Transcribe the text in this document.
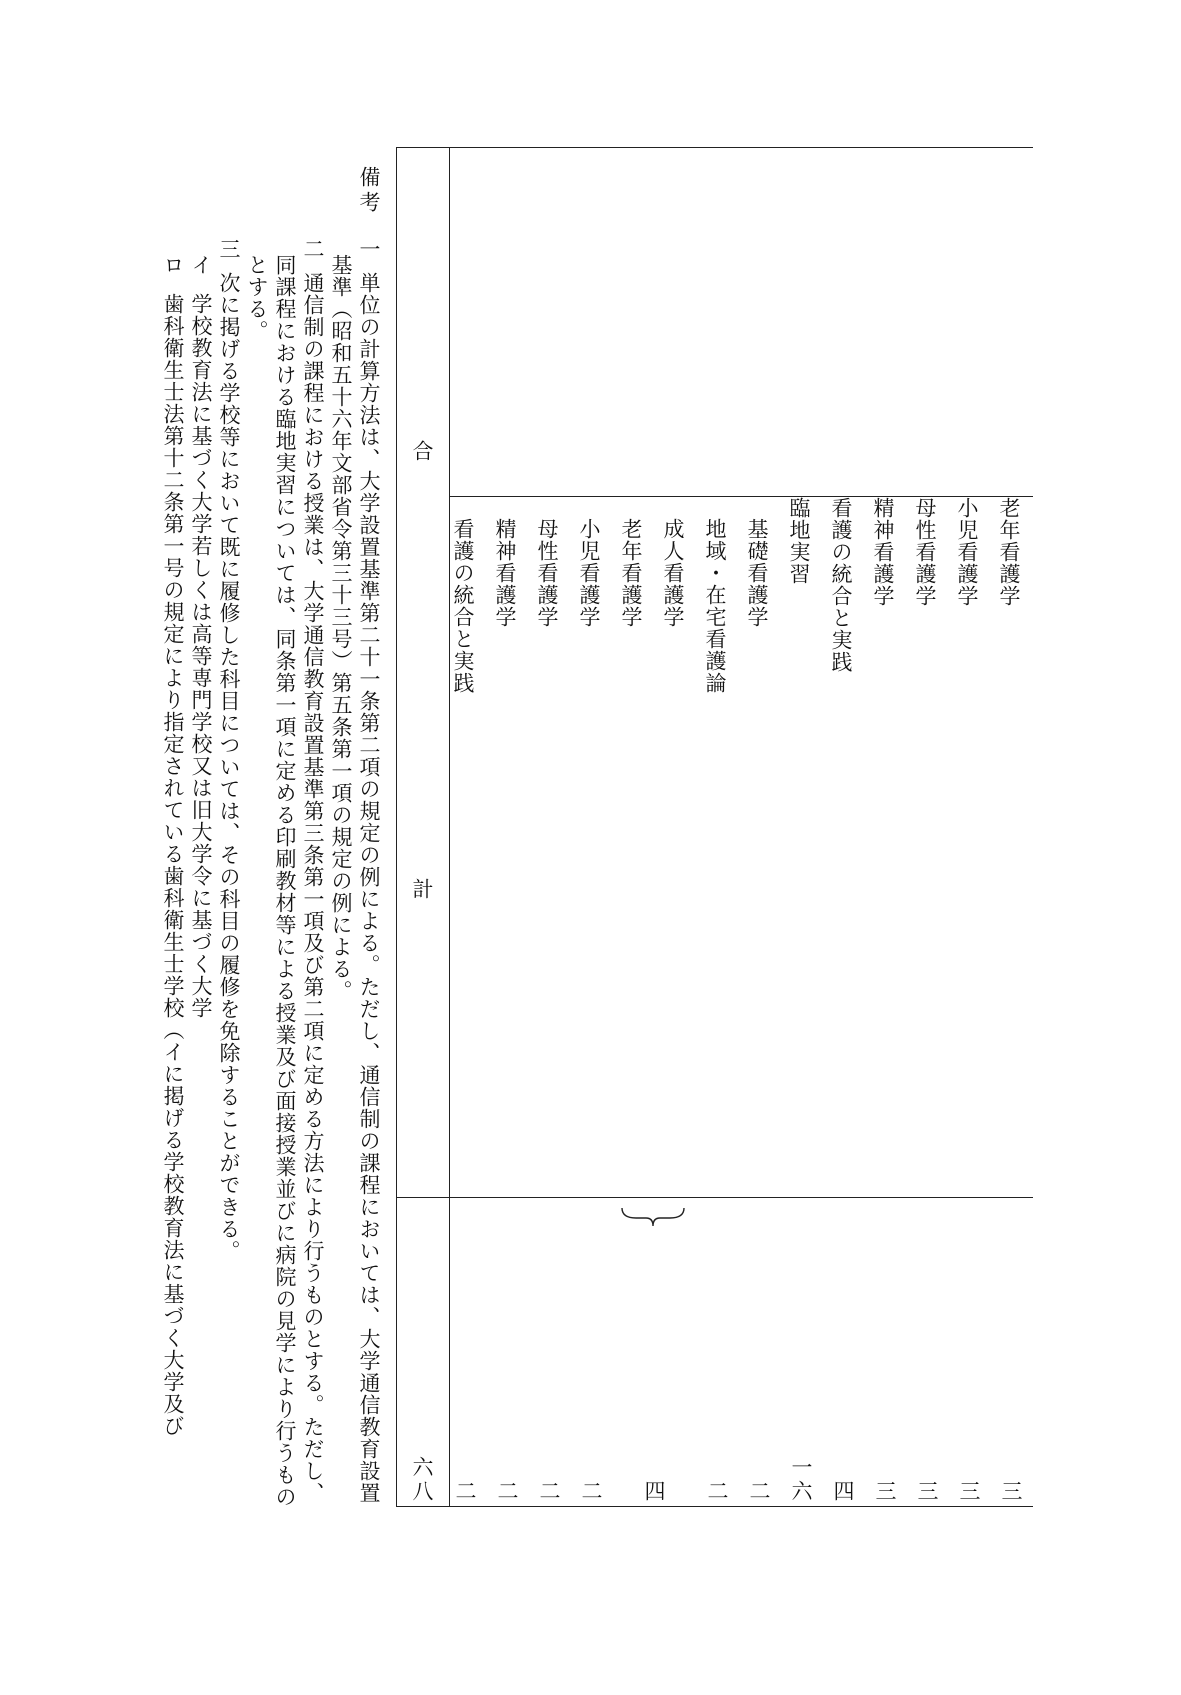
老年看護学
小児看護学
母性看護学
精神看護学
看護の統合と実践
臨地実習
基礎看護学
地域・在宅看護論
成人看護学
老年看護学
小児看護学
母性看護学
精神看護学
看護の統合と実践
三
三
三
三
四
一
六
二
二
四
二
二
二
二
合
計
六
八
備考
一
単位の計算方法は、大学設置基準第二十一条第二項の規定の例による。ただし、通信制の課程においては、大学通信教育設置
基準（昭和五十六年文部省令第三十三号）第五条第一項の規定の例による。
二
通信制の課程における授業は、大学通信教育設置基準第三条第一項及び第二項に定める方法により行うものとする。ただし、
同課程における臨地実習については、同条第一項に定める印刷教材等による授業及び面接授業並びに病院の見学により行うもの
とする。
三
次に掲げる学校等において既に履修した科目については、その科目の履修を免除することができる。
イ
学校教育法に基づく大学若しくは高等専門学校又は旧大学令に基づく大学
ロ
歯科衛生士法第十二条第一号の規定により指定されている歯科衛生士学校（イに掲げる学校教育法に基づく大学及び
